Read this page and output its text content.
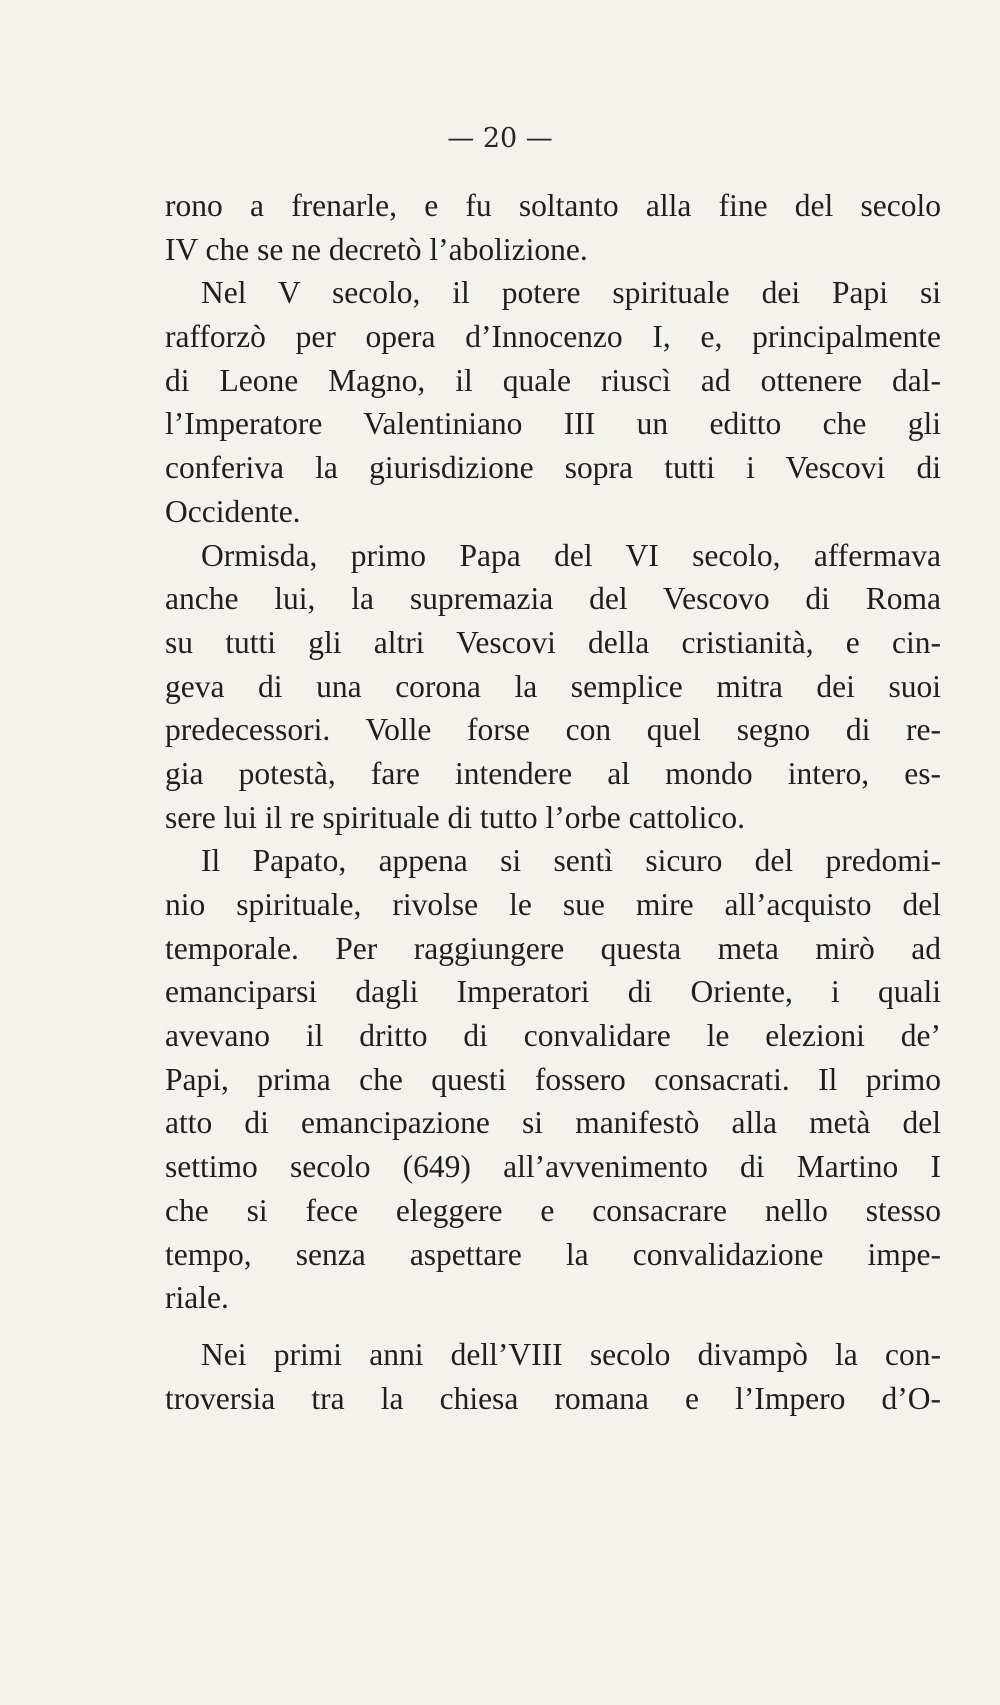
— 20 —
rono a frenarle, e fu soltanto alla fine del secolo
IV che se ne decretò l’abolizione.
Nel V secolo, il potere spirituale dei Papi si
rafforzò per opera d’Innocenzo I, e, principalmente
di Leone Magno, il quale riuscì ad ottenere dal-
l’Imperatore Valentiniano III un editto che gli
conferiva la giurisdizione sopra tutti i Vescovi di
Occidente.
Ormisda, primo Papa del VI secolo, affermava
anche lui, la supremazia del Vescovo di Roma
su tutti gli altri Vescovi della cristianità, e cin-
geva di una corona la semplice mitra dei suoi
predecessori. Volle forse con quel segno di re-
gia potestà, fare intendere al mondo intero, es-
sere lui il re spirituale di tutto l’orbe cattolico.
Il Papato, appena si sentì sicuro del predomi-
nio spirituale, rivolse le sue mire all’acquisto del
temporale. Per raggiungere questa meta mirò ad
emanciparsi dagli Imperatori di Oriente, i quali
avevano il dritto di convalidare le elezioni de’
Papi, prima che questi fossero consacrati. Il primo
atto di emancipazione si manifestò alla metà del
settimo secolo (649) all’avvenimento di Martino I
che si fece eleggere e consacrare nello stesso
tempo, senza aspettare la convalidazione impe-
riale.
Nei primi anni dell’VIII secolo divampò la con-
troversia tra la chiesa romana e l’Impero d’O-
